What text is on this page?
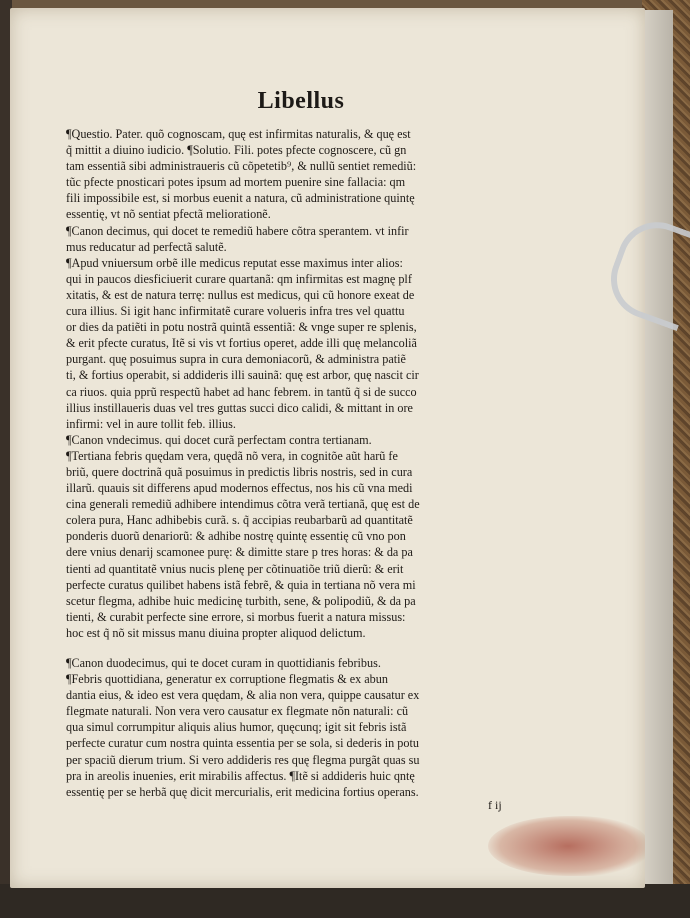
Libellus

¶Questio. Pater. quõ cognoscam, quę est infirmitas naturalis, & quę est

q̃ mittit a diuino iudicio. ¶Solutio. Fili. potes pfecte cognoscere, cũ gn

tam essentiã sibi administraueris cũ cõpetetib⁹, & nullũ sentiet remediũ:

tũc pfecte pnosticari potes ipsum ad mortem puenire sine fallacia: qm

fili impossibile est, si morbus euenit a natura, cũ administratione quintę

essentię, vt nõ sentiat pfectã meliorationẽ.

¶Canon decimus, qui docet te remediũ habere cõtra sperantem. vt infir

mus reducatur ad perfectã salutẽ.

¶Apud vniuersum orbẽ ille medicus reputat esse maximus inter alios:

qui in paucos diesficiuerit curare quartanã: qm infirmitas est magnę plf

xitatis, & est de natura terrę: nullus est medicus, qui cũ honore exeat de

cura illius. Si igit hanc infirmitatẽ curare volueris infra tres vel quattu

or dies da patiẽti in potu nostrã quintã essentiã: & vnge super re splenis,

& erit pfecte curatus, Itẽ si vis vt fortius operet, adde illi quę melancoliã

purgant. quę posuimus supra in cura demoniacorũ, & administra patiẽ

ti, & fortius operabit, si addideris illi sauinã: quę est arbor, quę nascit cir

ca riuos. quia pprũ respectũ habet ad hanc febrem. in tantũ q̃ si de succo

illius instillaueris duas vel tres guttas succi dico calidi, & mittant in ore

infirmi: vel in aure tollit feb. illius.

¶Canon vndecimus. qui docet curã perfectam contra tertianam.

¶Tertiana febris quędam vera, quędã nõ vera, in cognitõe aũt harũ fe

briũ, quere doctrinã quã posuimus in predictis libris nostris, sed in cura

illarũ. quauis sit differens apud modernos effectus, nos his cũ vna medi

cina generali remediũ adhibere intendimus cõtra verã tertianã, quę est de

colera pura, Hanc adhibebis curã. s. q̃ accipias reubarbarũ ad quantitatẽ

ponderis duorũ denariorũ: & adhibe nostrę quintę essentię cũ vno pon

dere vnius denarij scamonee purę: & dimitte stare p tres horas: & da pa

tienti ad quantitatẽ vnius nucis plenę per cõtinuatiõe triũ dierũ: & erit

perfecte curatus quilibet habens istã febrẽ, & quia in tertiana nõ vera mi

scetur flegma, adhibe huic medicinę turbith, sene, & polipodiũ, & da pa

tienti, & curabit perfecte sine errore, si morbus fuerit a natura missus:

hoc est q̃ nõ sit missus manu diuina propter aliquod delictum.

¶Canon duodecimus, qui te docet curam in quottidianis febribus.

¶Febris quottidiana, generatur ex corruptione flegmatis & ex abun

dantia eius, & ideo est vera quędam, & alia non vera, quippe causatur ex

flegmate naturali. Non vera vero causatur ex flegmate nõn naturali: cũ

qua simul corrumpitur aliquis alius humor, quęcunq; igit sit febris istã

perfecte curatur cum nostra quinta essentia per se sola, si dederis in potu

per spaciũ dierum trium. Si vero addideris res quę flegma purgãt quas su

pra in areolis inuenies, erit mirabilis affectus. ¶Itẽ si addideris huic qntę

essentię per se herbã quę dicit mercurialis, erit medicina fortius operans.

f ij
